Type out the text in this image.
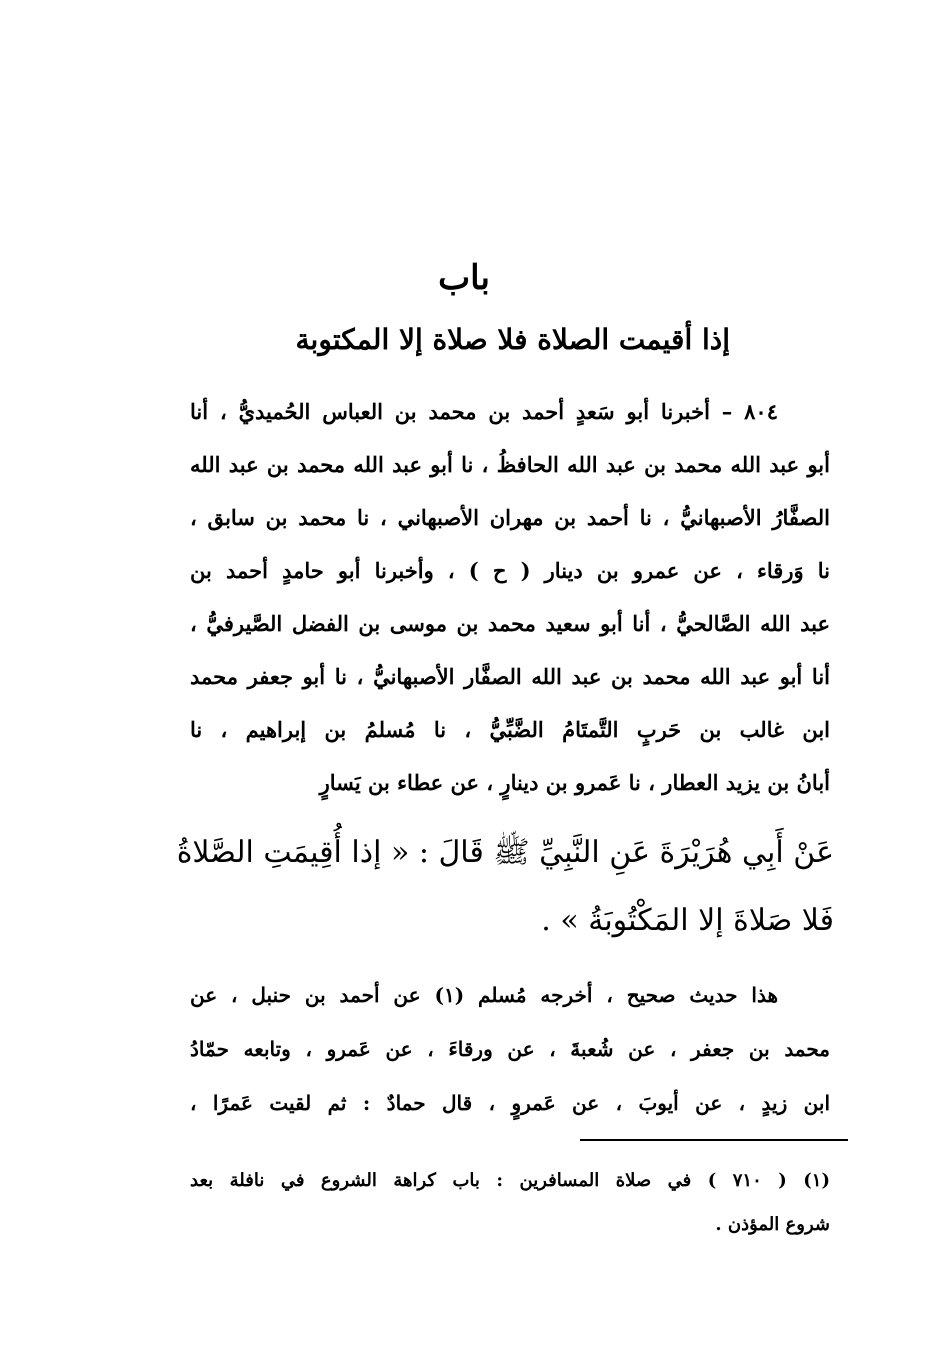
باب
إذا أقيمت الصلاة فلا صلاة إلا المكتوبة
٨٠٤ – أخبرنا أبو سَعدٍ أحمد بن محمد بن العباس الحُميديُّ ، أنا
أبو عبد الله محمد بن عبد الله الحافظُ ، نا أبو عبد الله محمد بن عبد الله
الصفَّارُ الأصبهانيُّ ، نا أحمد بن مهران الأصبهاني ، نا محمد بن سابق ،
نا وَرقاء ، عن عمرو بن دينار ( ح ) ، وأخبرنا أبو حامدٍ أحمد بن
عبد الله الصَّالحيُّ ، أنا أبو سعيد محمد بن موسى بن الفضل الصَّيرفيُّ ،
أنا أبو عبد الله محمد بن عبد الله الصفَّار الأصبهانيُّ ، نا أبو جعفر محمد
ابن غالب بن حَربٍ التَّمتَامُ الضَّبِّيُّ ، نا مُسلمُ بن إبراهيم ، نا
أبانُ بن يزيد العطار ، نا عَمرو بن دينارٍ ، عن عطاء بن يَسارٍ
عَنْ أَبِي هُرَيْرَةَ عَنِ النَّبِيِّ ﷺ قَالَ : « إذا أُقِيمَتِ الصَّلاةُ
فَلا صَلاةَ إلا المَكْتُوبَةُ » .
هذا حديث صحيح ، أخرجه مُسلم (١) عن أحمد بن حنبل ، عن
محمد بن جعفر ، عن شُعبةَ ، عن ورقاءَ ، عن عَمرو ، وتابعه حمّادُ
ابن زيدٍ ، عن أيوبَ ، عن عَمروٍ ، قال حمادٌ : ثم لقيت عَمرًا ،
(١) ( ٧١٠ ) في صلاة المسافرين : باب كراهة الشروع في نافلة بعد
شروع المؤذن .
